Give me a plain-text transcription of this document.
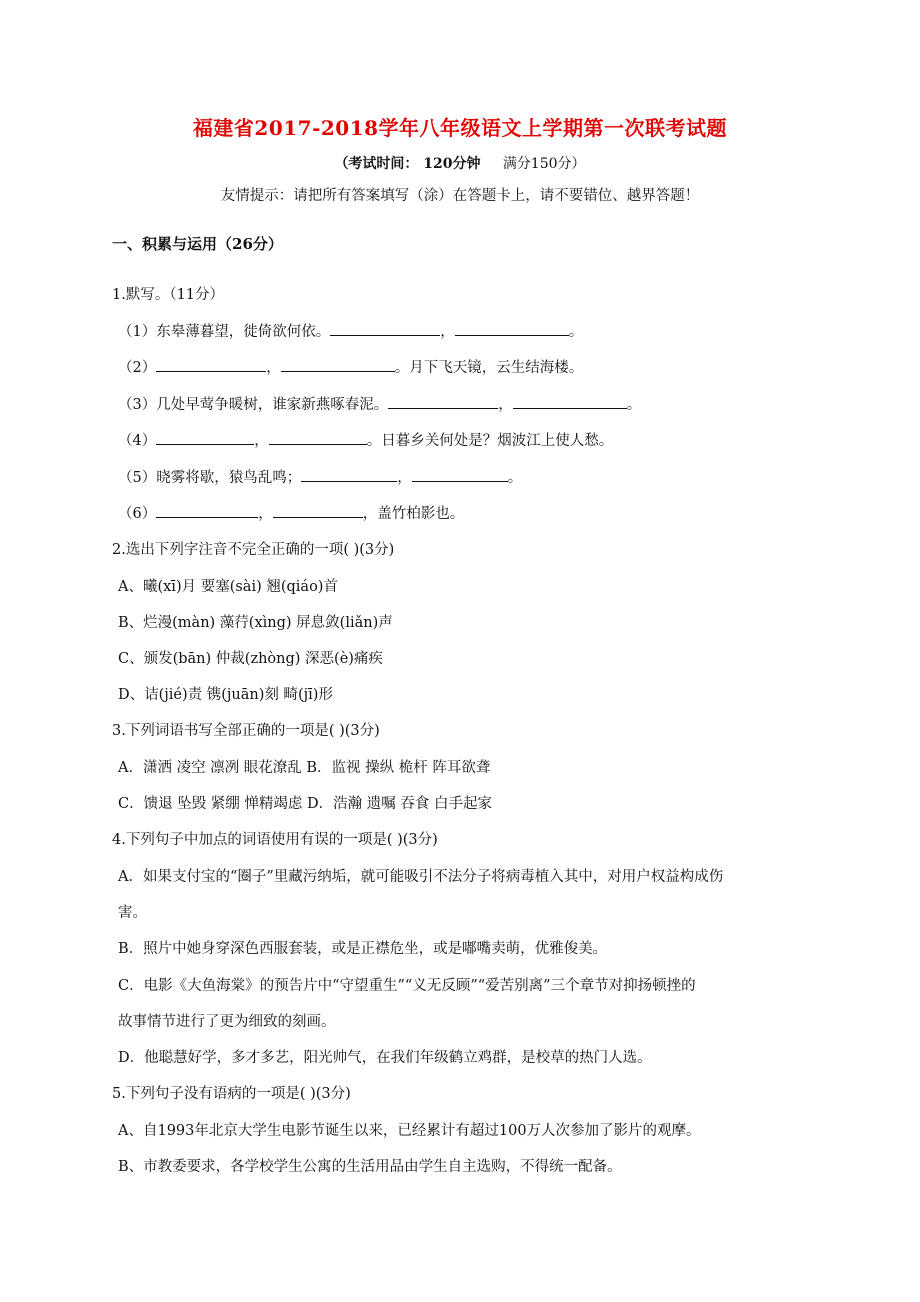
福建省2017-2018学年八年级语文上学期第一次联考试题
（考试时间： 120分钟 满分150分）
友情提示：请把所有答案填写（涂）在答题卡上，请不要错位、越界答题！
一、积累与运用（26分）
1.默写。（11分）
（1）东皋薄暮望，徙倚欲何依。	，	。
（2）	，	。月下飞天镜，云生结海楼。
（3）几处早莺争暖树，谁家新燕啄春泥。	，	。
（4）	，	。日暮乡关何处是？烟波江上使人愁。
（5）晓雾将歇，猿鸟乱鸣；	，	。
（6）	，	，盖竹柏影也。
2.选出下列字注音不完全正确的一项( )(3分)
A、曦(xī)月 要塞(sài) 翘(qiáo)首
B、烂漫(màn) 藻荇(xìng) 屏息敛(liǎn)声
C、颁发(bān) 仲裁(zhòng) 深恶(è)痛疾
D、诘(jié)责 镌(juān)刻 畸(jī)形
3.下列词语书写全部正确的一项是( )(3分)
A．潇洒 凌空 凛冽 眼花潦乱 B．监视 操纵 桅杆 阵耳欲聋
C．馈退 坠毁 紧绷 惮精竭虑 D．浩瀚 遗嘱 吞食 白手起家
4.下列句子中加点的词语使用有误的一项是( )(3分)
A．如果支付宝的“圈子”里藏污纳垢，就可能吸引不法分子将病毒植入其中，对用户权益构成伤
害。
B．照片中她身穿深色西服套装，或是正襟危坐，或是嘟嘴卖萌，优雅俊美。
C．电影《大鱼海棠》的预告片中“守望重生”“义无反顾”“爱苦别离”三个章节对抑扬顿挫的
故事情节进行了更为细致的刻画。
D．他聪慧好学，多才多艺，阳光帅气，在我们年级鹤立鸡群，是校草的热门人选。
5.下列句子没有语病的一项是( )(3分)
A、自1993年北京大学生电影节诞生以来，已经累计有超过100万人次参加了影片的观摩。
B、市教委要求，各学校学生公寓的生活用品由学生自主选购，不得统一配备。
